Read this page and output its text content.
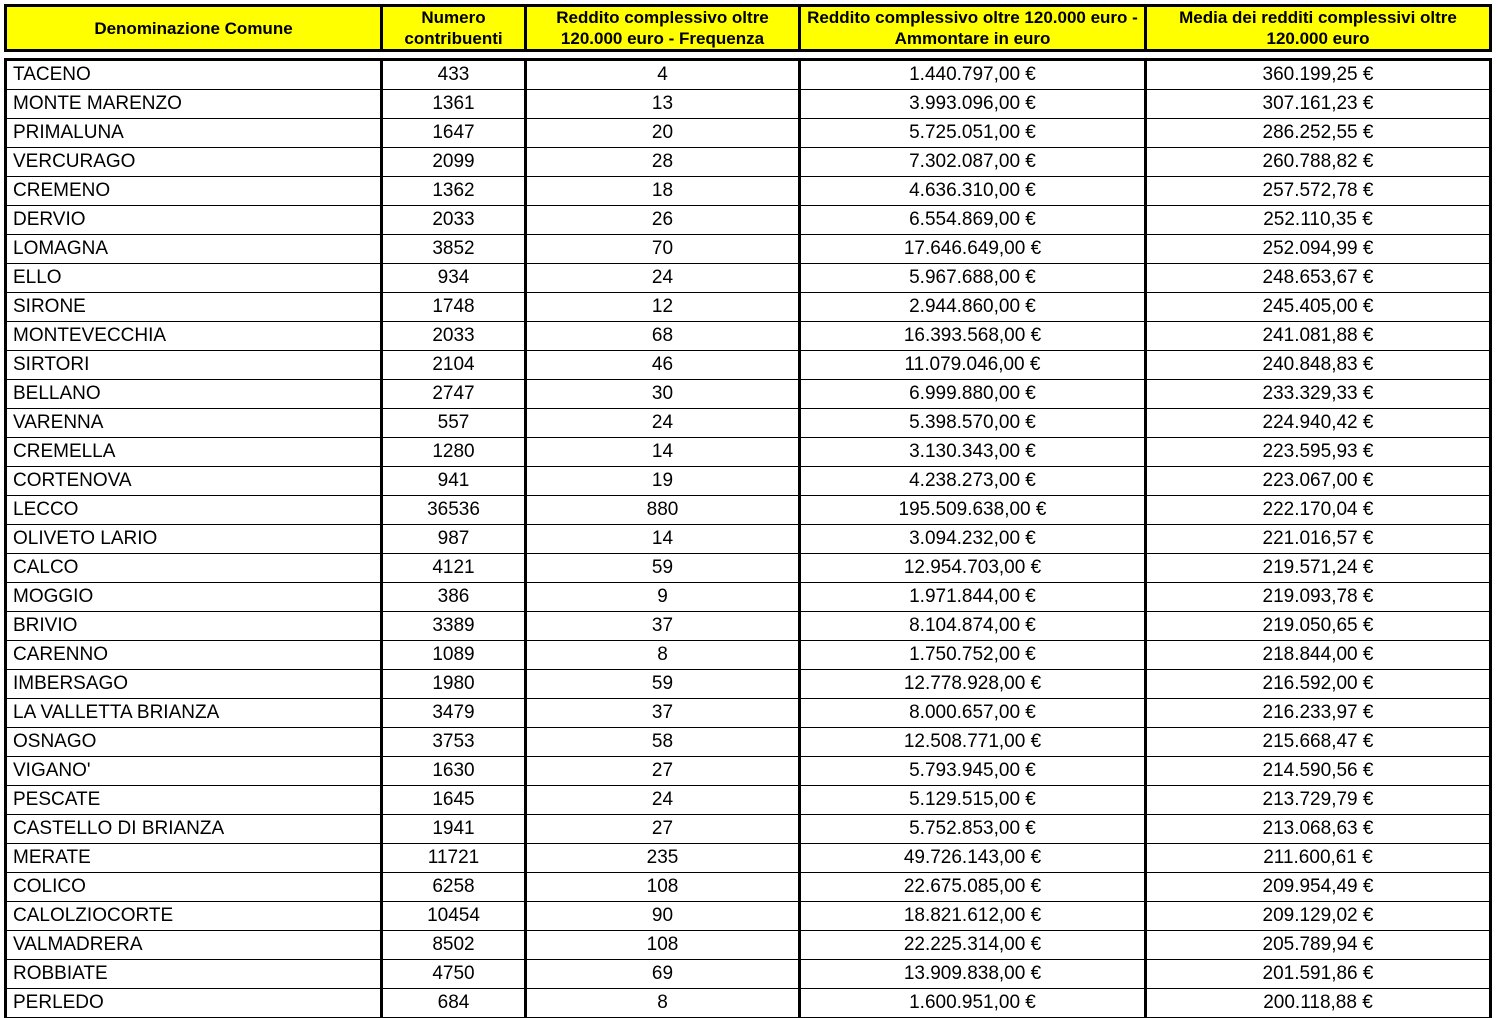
Denominazione Comune	Numero contribuenti	Reddito complessivo oltre 120.000 euro - Frequenza	Reddito complessivo oltre 120.000 euro - Ammontare in euro	Media dei redditi complessivi oltre 120.000 euro

TACENO	433	4	1.440.797,00 €	360.199,25 €
MONTE MARENZO	1361	13	3.993.096,00 €	307.161,23 €
PRIMALUNA	1647	20	5.725.051,00 €	286.252,55 €
VERCURAGO	2099	28	7.302.087,00 €	260.788,82 €
CREMENO	1362	18	4.636.310,00 €	257.572,78 €
DERVIO	2033	26	6.554.869,00 €	252.110,35 €
LOMAGNA	3852	70	17.646.649,00 €	252.094,99 €
ELLO	934	24	5.967.688,00 €	248.653,67 €
SIRONE	1748	12	2.944.860,00 €	245.405,00 €
MONTEVECCHIA	2033	68	16.393.568,00 €	241.081,88 €
SIRTORI	2104	46	11.079.046,00 €	240.848,83 €
BELLANO	2747	30	6.999.880,00 €	233.329,33 €
VARENNA	557	24	5.398.570,00 €	224.940,42 €
CREMELLA	1280	14	3.130.343,00 €	223.595,93 €
CORTENOVA	941	19	4.238.273,00 €	223.067,00 €
LECCO	36536	880	195.509.638,00 €	222.170,04 €
OLIVETO LARIO	987	14	3.094.232,00 €	221.016,57 €
CALCO	4121	59	12.954.703,00 €	219.571,24 €
MOGGIO	386	9	1.971.844,00 €	219.093,78 €
BRIVIO	3389	37	8.104.874,00 €	219.050,65 €
CARENNO	1089	8	1.750.752,00 €	218.844,00 €
IMBERSAGO	1980	59	12.778.928,00 €	216.592,00 €
LA VALLETTA BRIANZA	3479	37	8.000.657,00 €	216.233,97 €
OSNAGO	3753	58	12.508.771,00 €	215.668,47 €
VIGANO'	1630	27	5.793.945,00 €	214.590,56 €
PESCATE	1645	24	5.129.515,00 €	213.729,79 €
CASTELLO DI BRIANZA	1941	27	5.752.853,00 €	213.068,63 €
MERATE	11721	235	49.726.143,00 €	211.600,61 €
COLICO	6258	108	22.675.085,00 €	209.954,49 €
CALOLZIOCORTE	10454	90	18.821.612,00 €	209.129,02 €
VALMADRERA	8502	108	22.225.314,00 €	205.789,94 €
ROBBIATE	4750	69	13.909.838,00 €	201.591,86 €
PERLEDO	684	8	1.600.951,00 €	200.118,88 €
